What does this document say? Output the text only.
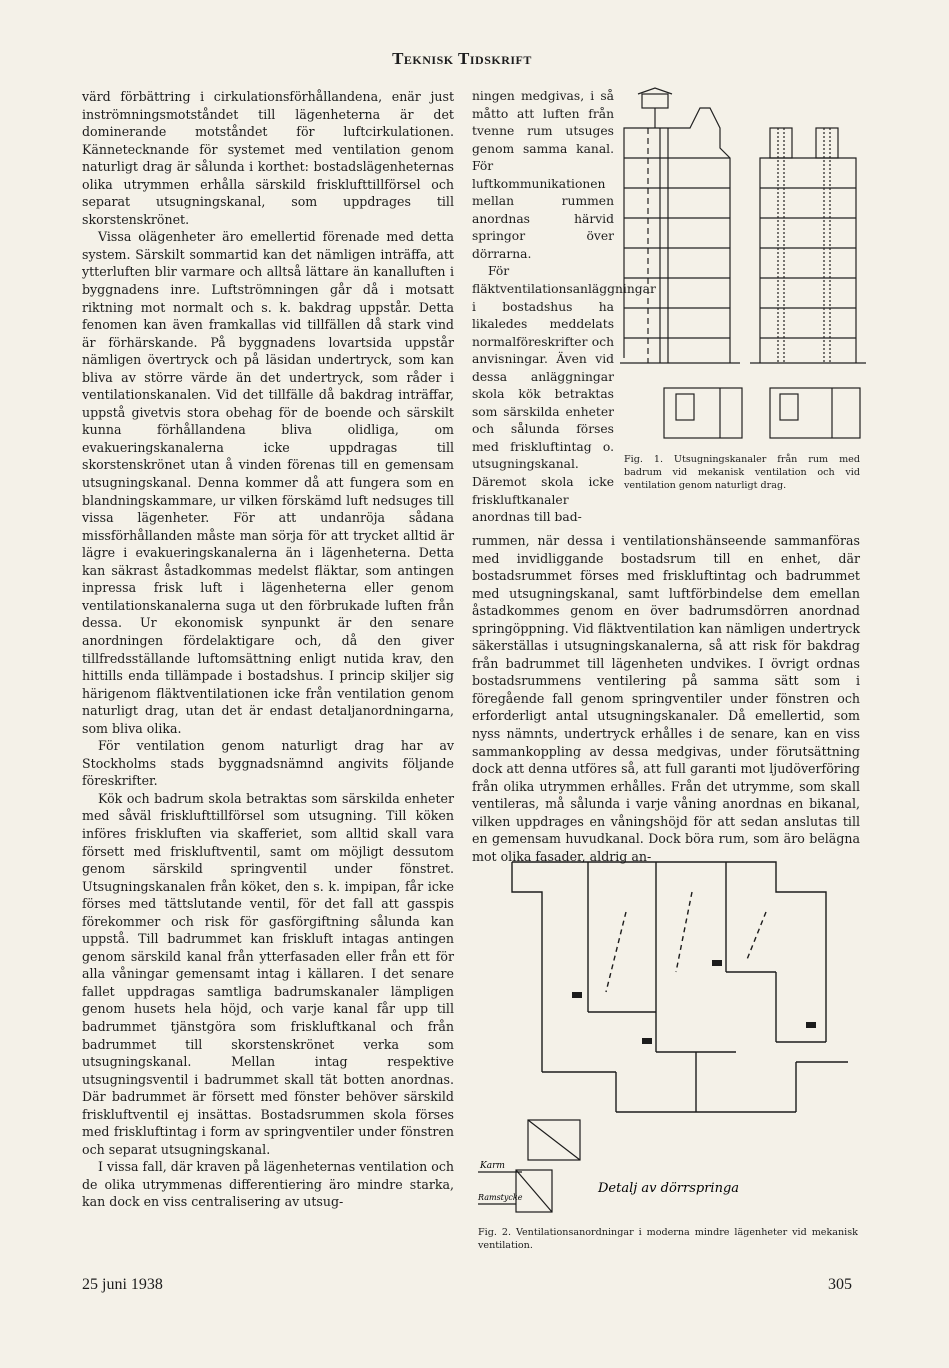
Teknisk Tidskrift

värd förbättring i cirkulationsförhållandena, enär just inströmningsmotståndet till lägenheterna är det dominerande motståndet för luftcirkulationen. Kännetecknande för systemet med ventilation genom naturligt drag är sålunda i korthet: bostadslägenheternas olika utrymmen erhålla särskild frisklufttillförsel och separat utsugningskanal, som uppdrages till skorstenskrönet.

Vissa olägenheter äro emellertid förenade med detta system. Särskilt sommartid kan det nämligen inträffa, att ytterluften blir varmare och alltså lättare än kanalluften i byggnadens inre. Luftströmningen går då i motsatt riktning mot normalt och s. k. bakdrag uppstår. Detta fenomen kan även framkallas vid tillfällen då stark vind är förhärskande. På byggnadens lovartsida uppstår nämligen övertryck och på läsidan undertryck, som kan bliva av större värde än det undertryck, som råder i ventilationskanalen. Vid det tillfälle då bakdrag inträffar, uppstå givetvis stora obehag för de boende och särskilt kunna förhållandena bliva olidliga, om evakueringskanalerna icke uppdragas till skorstenskrönet utan å vinden förenas till en gemensam utsugningskanal. Denna kommer då att fungera som en blandningskammare, ur vilken förskämd luft nedsuges till vissa lägenheter. För att undanröja sådana missförhållanden måste man sörja för att trycket alltid är lägre i evakueringskanalerna än i lägenheterna. Detta kan säkrast åstadkommas medelst fläktar, som antingen inpressa frisk luft i lägenheterna eller genom ventilationskanalerna suga ut den förbrukade luften från dessa. Ur ekonomisk synpunkt är den senare anordningen fördelaktigare och, då den giver tillfredsställande luftomsättning enligt nutida krav, den hittills enda tillämpade i bostadshus. I princip skiljer sig härigenom fläktventilationen icke från ventilation genom naturligt drag, utan det är endast detaljanordningarna, som bliva olika.

För ventilation genom naturligt drag har av Stockholms stads byggnadsnämnd angivits följande föreskrifter.

Kök och badrum skola betraktas som särskilda enheter med såväl frisklufttillförsel som utsugning. Till köken införes friskluften via skafferiet, som alltid skall vara försett med friskluftventil, samt om möjligt dessutom genom särskild springventil under fönstret. Utsugningskanalen från köket, den s. k. impipan, får icke förses med tättslutande ventil, för det fall att gasspis förekommer och risk för gasförgiftning sålunda kan uppstå. Till badrummet kan friskluft intagas antingen genom särskild kanal från ytterfasaden eller från ett för alla våningar gemensamt intag i källaren. I det senare fallet uppdragas samtliga badrumskanaler lämpligen genom husets hela höjd, och varje kanal får upp till badrummet tjänstgöra som friskluftkanal och från badrummet till skorstenskrönet verka som utsugningskanal. Mellan intag respektive utsugningsventil i badrummet skall tät botten anordnas. Där badrummet är försett med fönster behöver särskild friskluftventil ej insättas. Bostadsrummen skola förses med friskluftintag i form av springventiler under fönstren och separat utsugningskanal.

I vissa fall, där kraven på lägenheternas ventilation och de olika utrymmenas differentiering äro mindre starka, kan dock en viss centralisering av utsug-

ningen medgivas, i så måtto att luften från tvenne rum utsuges genom samma kanal. För luftkommunikationen mellan rummen anordnas härvid springor över dörrarna.

För fläktventilationsanläggningar i bostadshus ha likaledes meddelats normalföreskrifter och anvisningar. Även vid dessa anläggningar skola kök betraktas som särskilda enheter och sålunda förses med friskluftintag o. utsugningskanal. Däremot skola icke friskluftkanaler anordnas till bad-

Fig. 1. Utsugningskanaler från rum med badrum vid mekanisk ventilation och vid ventilation genom naturligt drag.
rummen, när dessa i ventilationshänseende sammanföras med invidliggande bostadsrum till en enhet, där bostadsrummet förses med friskluftintag och badrummet med utsugningskanal, samt luftförbindelse dem emellan åstadkommes genom en över badrumsdörren anordnad springöppning. Vid fläktventilation kan nämligen undertryck säkerställas i utsugningskanalerna, så att risk för bakdrag från badrummet till lägenheten undvikes. I övrigt ordnas bostadsrummens ventilering på samma sätt som i föregående fall genom springventiler under fönstren och erforderligt antal utsugningskanaler. Då emellertid, som nyss nämnts, undertryck erhålles i de senare, kan en viss sammankoppling av dessa medgivas, under förutsättning dock att denna utföres så, att full garanti mot ljudöverföring från olika utrymmen erhålles. Från det utrymme, som skall ventileras, må sålunda i varje våning anordnas en bikanal, vilken uppdrages en våningshöjd för att sedan anslutas till en gemensam huvudkanal. Dock böra rum, som äro belägna mot olika fasader, aldrig an-
Karm
Ramstycke
Detalj av dörrspringa
Fig. 2. Ventilationsanordningar i moderna mindre lägenheter vid mekanisk ventilation.
25 juni 1938	305
